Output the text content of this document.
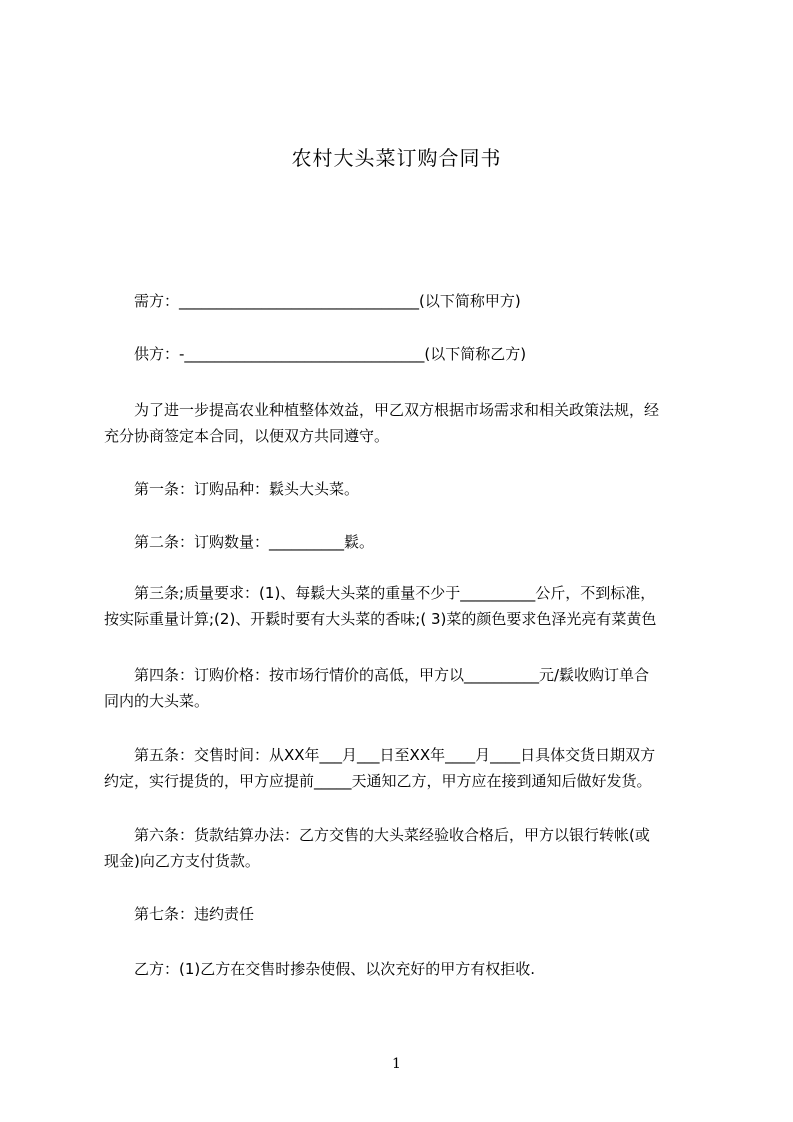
农村大头菜订购合同书
　　需方：________________________________(以下简称甲方)
　　供方：-________________________________(以下简称乙方)
　　为了进一步提高农业种植整体效益，甲乙双方根据市场需求和相关政策法规，经
充分协商签定本合同，以便双方共同遵守。
　　第一条：订购品种：鬏头大头菜。
　　第二条：订购数量：__________鬏。
　　第三条;质量要求：(1)、每鬏大头菜的重量不少于__________公斤，不到标准，
按实际重量计算;(2)、开鬏时要有大头菜的香味;( 3)菜的颜色要求色泽光亮有菜黄色
　　第四条：订购价格：按市场行情价的高低，甲方以__________元/鬏收购订单合
同内的大头菜。
　　第五条：交售时间：从XX年___月___日至XX年____月____日具体交货日期双方
约定，实行提货的，甲方应提前_____天通知乙方，甲方应在接到通知后做好发货。
　　第六条：货款结算办法：乙方交售的大头菜经验收合格后，甲方以银行转帐(或
现金)向乙方支付货款。
　　第七条：违约责任
　　乙方：(1)乙方在交售时掺杂使假、以次充好的甲方有权拒收.
1
